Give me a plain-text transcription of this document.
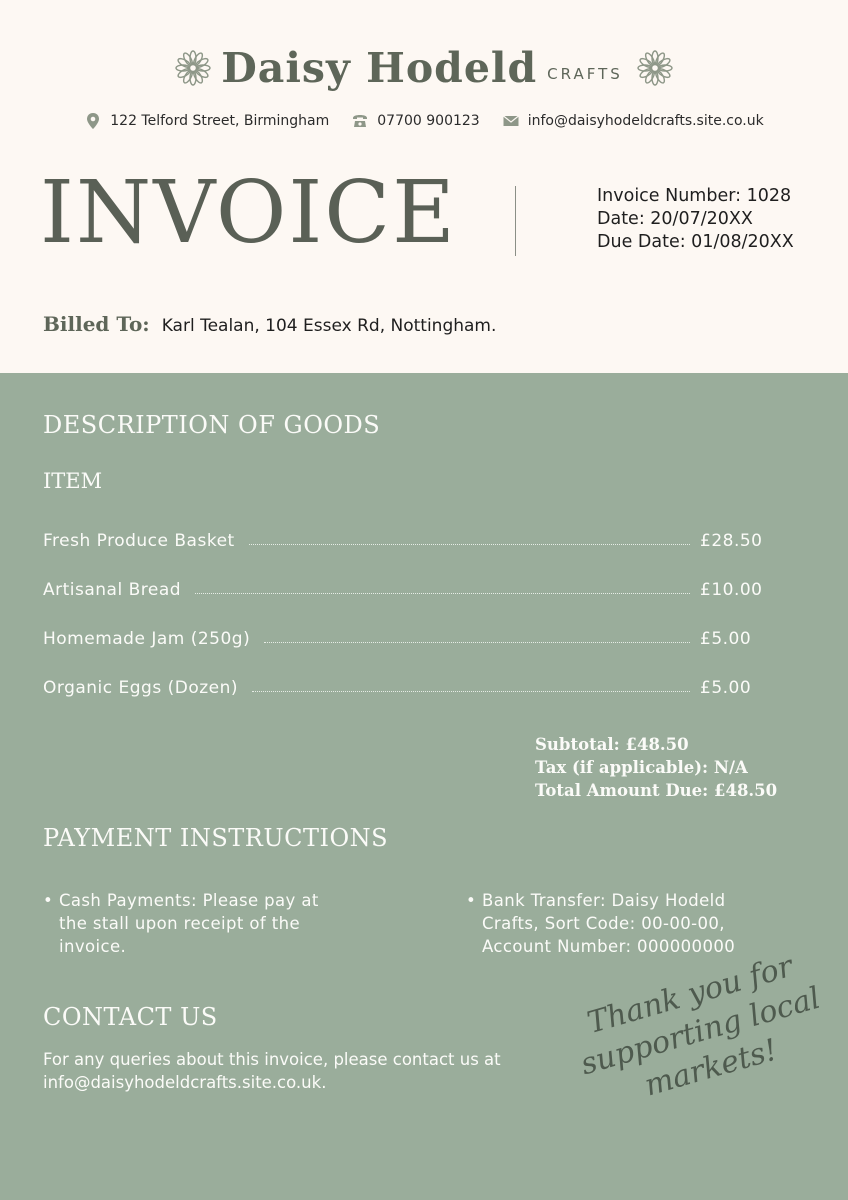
Daisy Hodeld CRAFTS
122 Telford Street, Birmingham	07700 900123	info@daisyhodeldcrafts.site.co.uk
INVOICE	Invoice Number: 1028
Date: 20/07/20XX
Due Date: 01/08/20XX
Billed To: Karl Tealan, 104 Essex Rd, Nottingham.
DESCRIPTION OF GOODS
ITEM
Fresh Produce Basket	£28.50
Artisanal Bread	£10.00
Homemade Jam (250g)	£5.00
Organic Eggs (Dozen)	£5.00
Subtotal: £48.50
Tax (if applicable): N/A
Total Amount Due: £48.50
PAYMENT INSTRUCTIONS
• Cash Payments: Please pay at the stall upon receipt of the invoice.
• Bank Transfer: Daisy Hodeld Crafts, Sort Code: 00-00-00, Account Number: 000000000
CONTACT US
For any queries about this invoice, please contact us at info@daisyhodeldcrafts.site.co.uk.
Thank you for supporting local markets!
